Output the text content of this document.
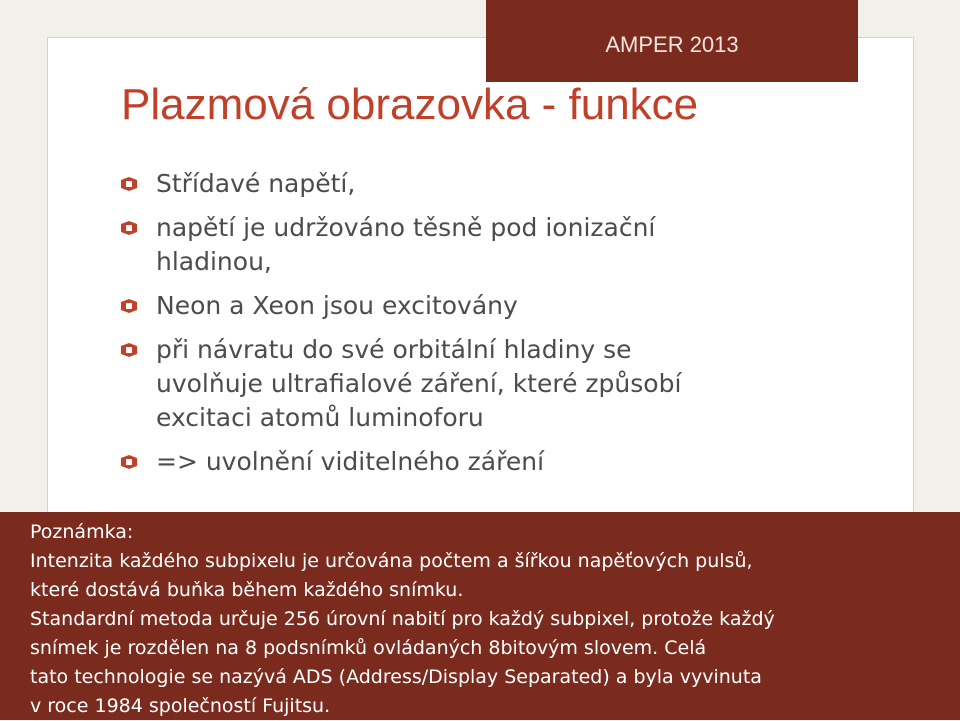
AMPER 2013
Plazmová obrazovka - funkce
Střídavé napětí,
napětí je udržováno těsně pod ionizační
hladinou,
Neon a Xeon jsou excitovány
při návratu do své orbitální hladiny se
uvolňuje ultrafialové záření, které způsobí
excitaci atomů luminoforu
=> uvolnění viditelného záření
Poznámka:
Intenzita každého subpixelu je určována počtem a šířkou napěťových pulsů,
které dostává buňka během každého snímku.
Standardní metoda určuje 256 úrovní nabití pro každý subpixel, protože každý
snímek je rozdělen na 8 podsnímků ovládaných 8bitovým slovem. Celá
tato technologie se nazývá ADS (Address/Display Separated) a byla vyvinuta
v roce 1984 společností Fujitsu.
